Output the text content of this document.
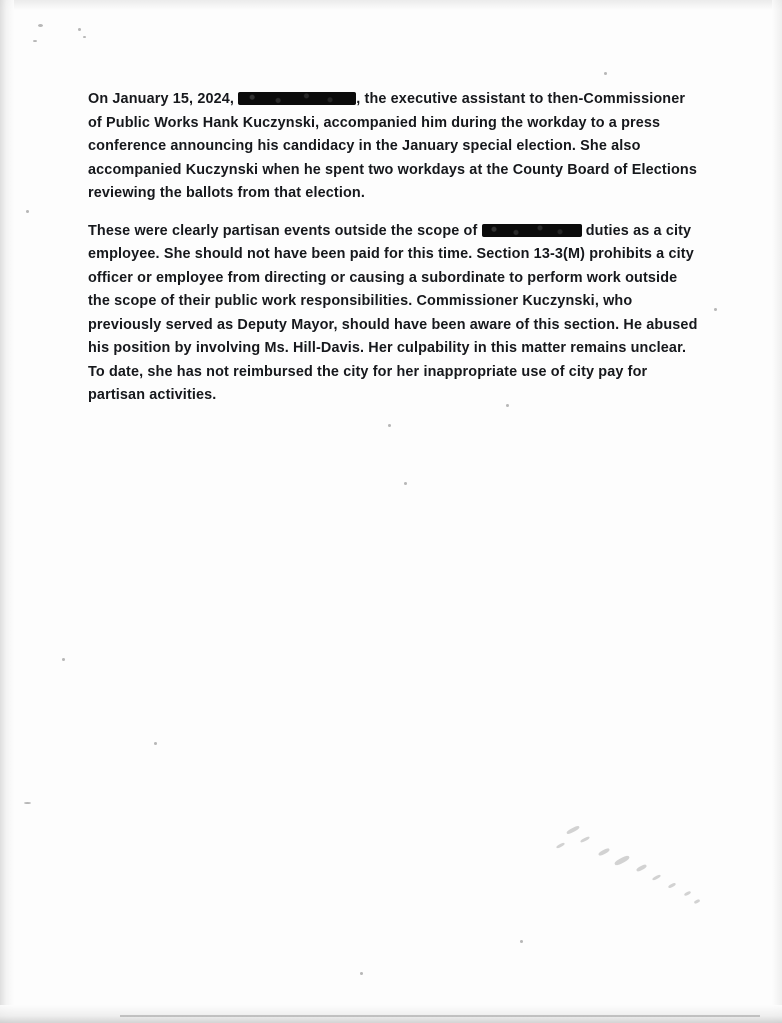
On January 15, 2024,	, the executive assistant to then-Commissioner of Public Works Hank Kuczynski, accompanied him during the workday to a press conference announcing his candidacy in the January special election. She also accompanied Kuczynski when he spent two workdays at the County Board of Elections reviewing the ballots from that election.

These were clearly partisan events outside the scope of	duties as a city employee. She should not have been paid for this time. Section 13-3(M) prohibits a city officer or employee from directing or causing a subordinate to perform work outside the scope of their public work responsibilities. Commissioner Kuczynski, who previously served as Deputy Mayor, should have been aware of this section. He abused his position by involving Ms. Hill-Davis. Her culpability in this matter remains unclear. To date, she has not reimbursed the city for her inappropriate use of city pay for partisan activities.
